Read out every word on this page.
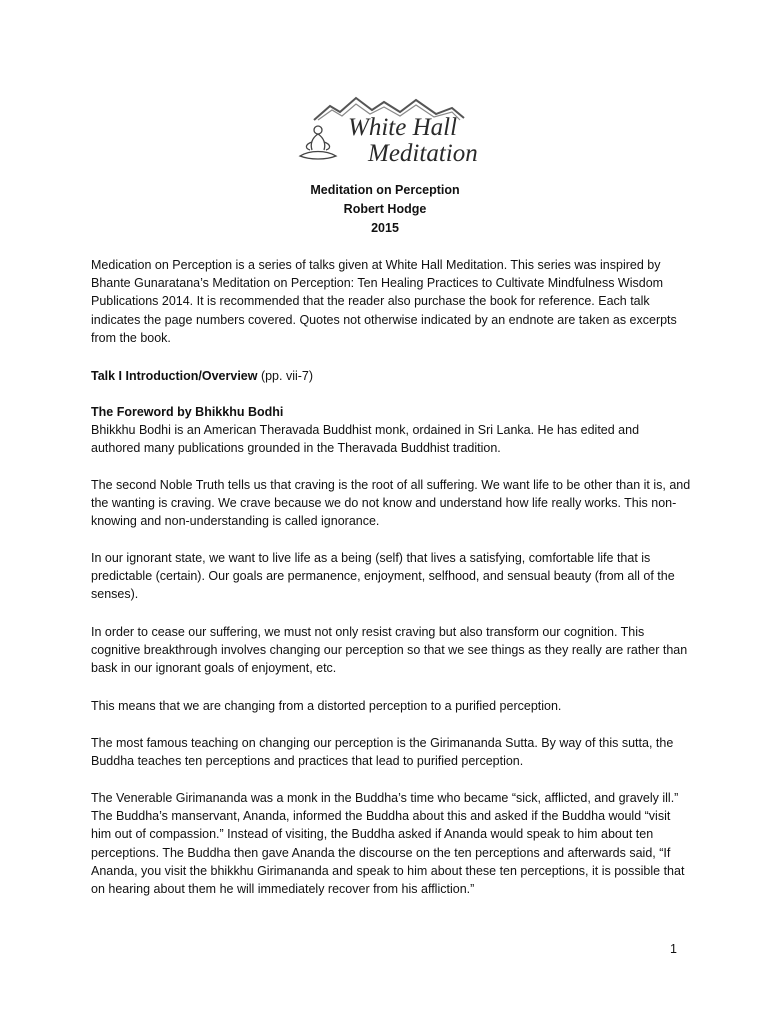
White Hall
Meditation
Meditation on Perception
Robert Hodge
2015

Medication on Perception is a series of talks given at White Hall Meditation. This series was inspired by Bhante Gunaratana’s Meditation on Perception: Ten Healing Practices to Cultivate Mindfulness Wisdom Publications 2014. It is recommended that the reader also purchase the book for reference. Each talk indicates the page numbers covered. Quotes not otherwise indicated by an endnote are taken as excerpts from the book.

Talk I Introduction/Overview (pp. vii-7)

The Foreword by Bhikkhu Bodhi

Bhikkhu Bodhi is an American Theravada Buddhist monk, ordained in Sri Lanka. He has edited and authored many publications grounded in the Theravada Buddhist tradition.

The second Noble Truth tells us that craving is the root of all suffering. We want life to be other than it is, and the wanting is craving. We crave because we do not know and understand how life really works. This non-knowing and non-understanding is called ignorance.

In our ignorant state, we want to live life as a being (self) that lives a satisfying, comfortable life that is predictable (certain). Our goals are permanence, enjoyment, selfhood, and sensual beauty (from all of the senses).

In order to cease our suffering, we must not only resist craving but also transform our cognition. This cognitive breakthrough involves changing our perception so that we see things as they really are rather than bask in our ignorant goals of enjoyment, etc.

This means that we are changing from a distorted perception to a purified perception.

The most famous teaching on changing our perception is the Girimananda Sutta. By way of this sutta, the Buddha teaches ten perceptions and practices that lead to purified perception.

The Venerable Girimananda was a monk in the Buddha’s time who became “sick, afflicted, and gravely ill.” The Buddha’s manservant, Ananda, informed the Buddha about this and asked if the Buddha would “visit him out of compassion.” Instead of visiting, the Buddha asked if Ananda would speak to him about ten perceptions. The Buddha then gave Ananda the discourse on the ten perceptions and afterwards said, “If Ananda, you visit the bhikkhu Girimananda and speak to him about these ten perceptions, it is possible that on hearing about them he will immediately recover from his affliction.”

1
